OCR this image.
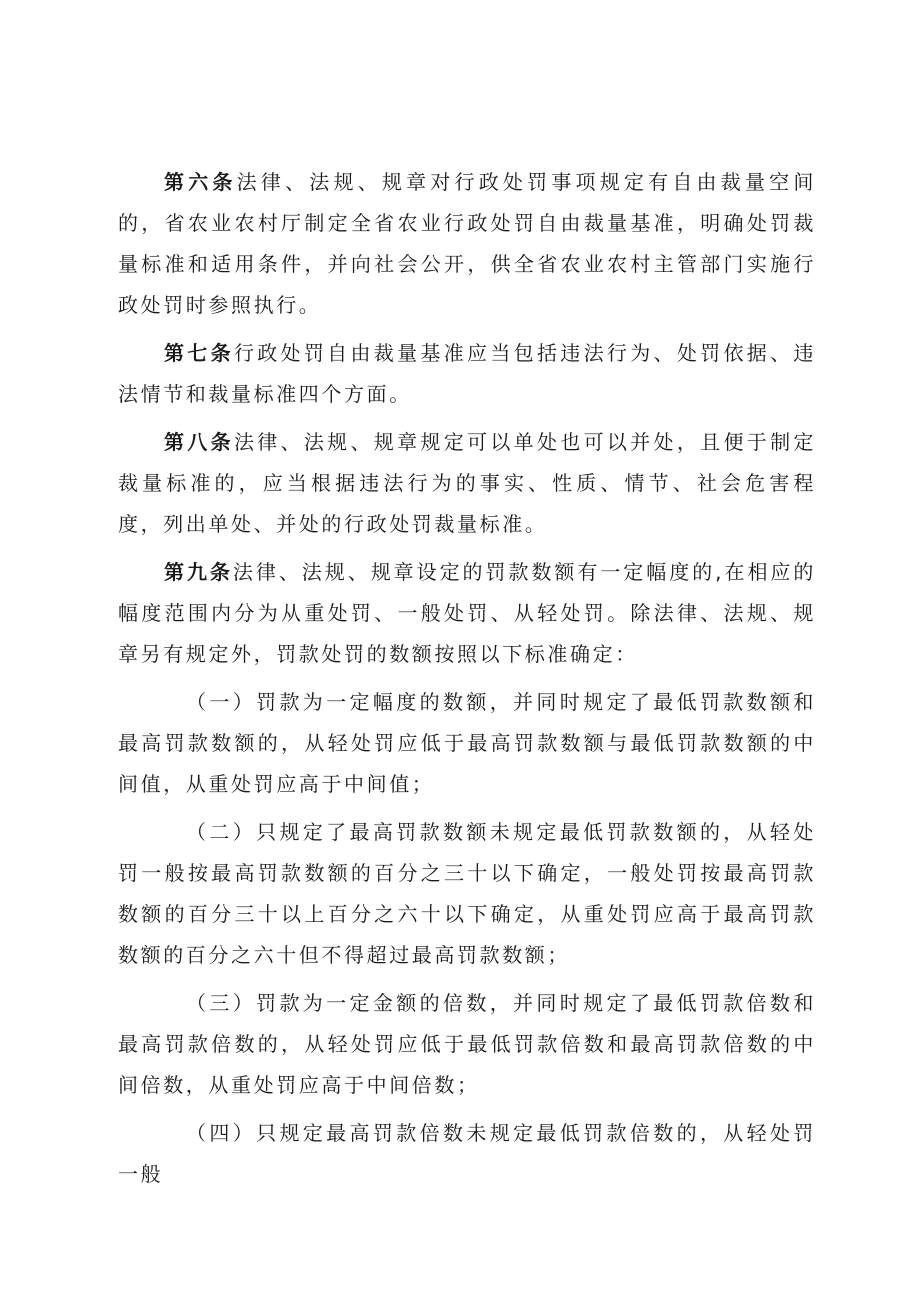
第六条法律、法规、规章对行政处罚事项规定有自由裁量空间的，省农业农村厅制定全省农业行政处罚自由裁量基准，明确处罚裁量标准和适用条件，并向社会公开，供全省农业农村主管部门实施行政处罚时参照执行。

第七条行政处罚自由裁量基准应当包括违法行为、处罚依据、违法情节和裁量标准四个方面。

第八条法律、法规、规章规定可以单处也可以并处，且便于制定裁量标准的，应当根据违法行为的事实、性质、情节、社会危害程度，列出单处、并处的行政处罚裁量标准。

第九条法律、法规、规章设定的罚款数额有一定幅度的,在相应的幅度范围内分为从重处罚、一般处罚、从轻处罚。除法律、法规、规章另有规定外，罚款处罚的数额按照以下标准确定：

（一）罚款为一定幅度的数额，并同时规定了最低罚款数额和最高罚款数额的，从轻处罚应低于最高罚款数额与最低罚款数额的中间值，从重处罚应高于中间值；

（二）只规定了最高罚款数额未规定最低罚款数额的，从轻处罚一般按最高罚款数额的百分之三十以下确定，一般处罚按最高罚款数额的百分三十以上百分之六十以下确定，从重处罚应高于最高罚款数额的百分之六十但不得超过最高罚款数额；

（三）罚款为一定金额的倍数，并同时规定了最低罚款倍数和最高罚款倍数的，从轻处罚应低于最低罚款倍数和最高罚款倍数的中间倍数，从重处罚应高于中间倍数；

（四）只规定最高罚款倍数未规定最低罚款倍数的，从轻处罚一般
